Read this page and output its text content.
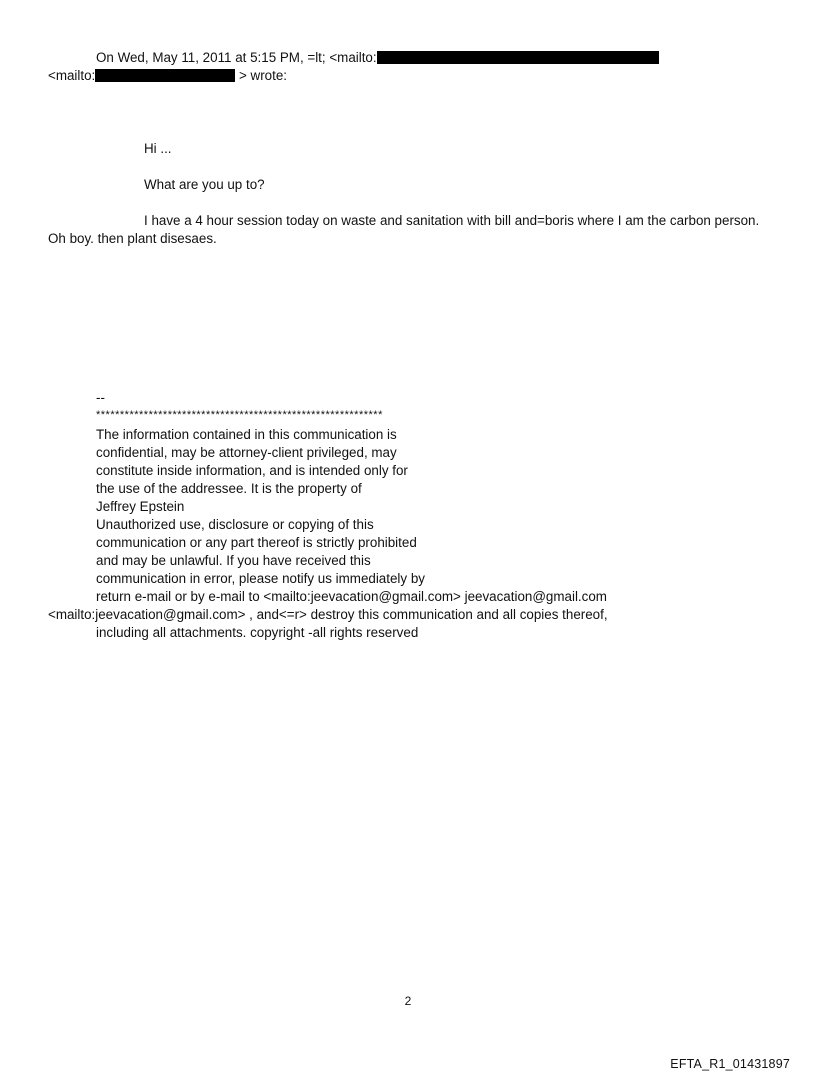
On Wed, May 11, 2011 at 5:15 PM, =lt; <mailto:
<mailto:	> wrote:
Hi ...
What are you up to?
I have a 4 hour session today on waste and sanitation with bill and=boris where I am the carbon person.
Oh boy. then plant disesaes.
--
************************************************************
The information contained in this communication is
confidential, may be attorney-client privileged, may
constitute inside information, and is intended only for
the use of the addressee. It is the property of
Jeffrey Epstein
Unauthorized use, disclosure or copying of this
communication or any part thereof is strictly prohibited
and may be unlawful. If you have received this
communication in error, please notify us immediately by
return e-mail or by e-mail to <mailto:jeevacation@gmail.com> jeevacation@gmail.com
<mailto:jeevacation@gmail.com> , and<=r> destroy this communication and all copies thereof,
including all attachments. copyright -all rights reserved
2
EFTA_R1_01431897
